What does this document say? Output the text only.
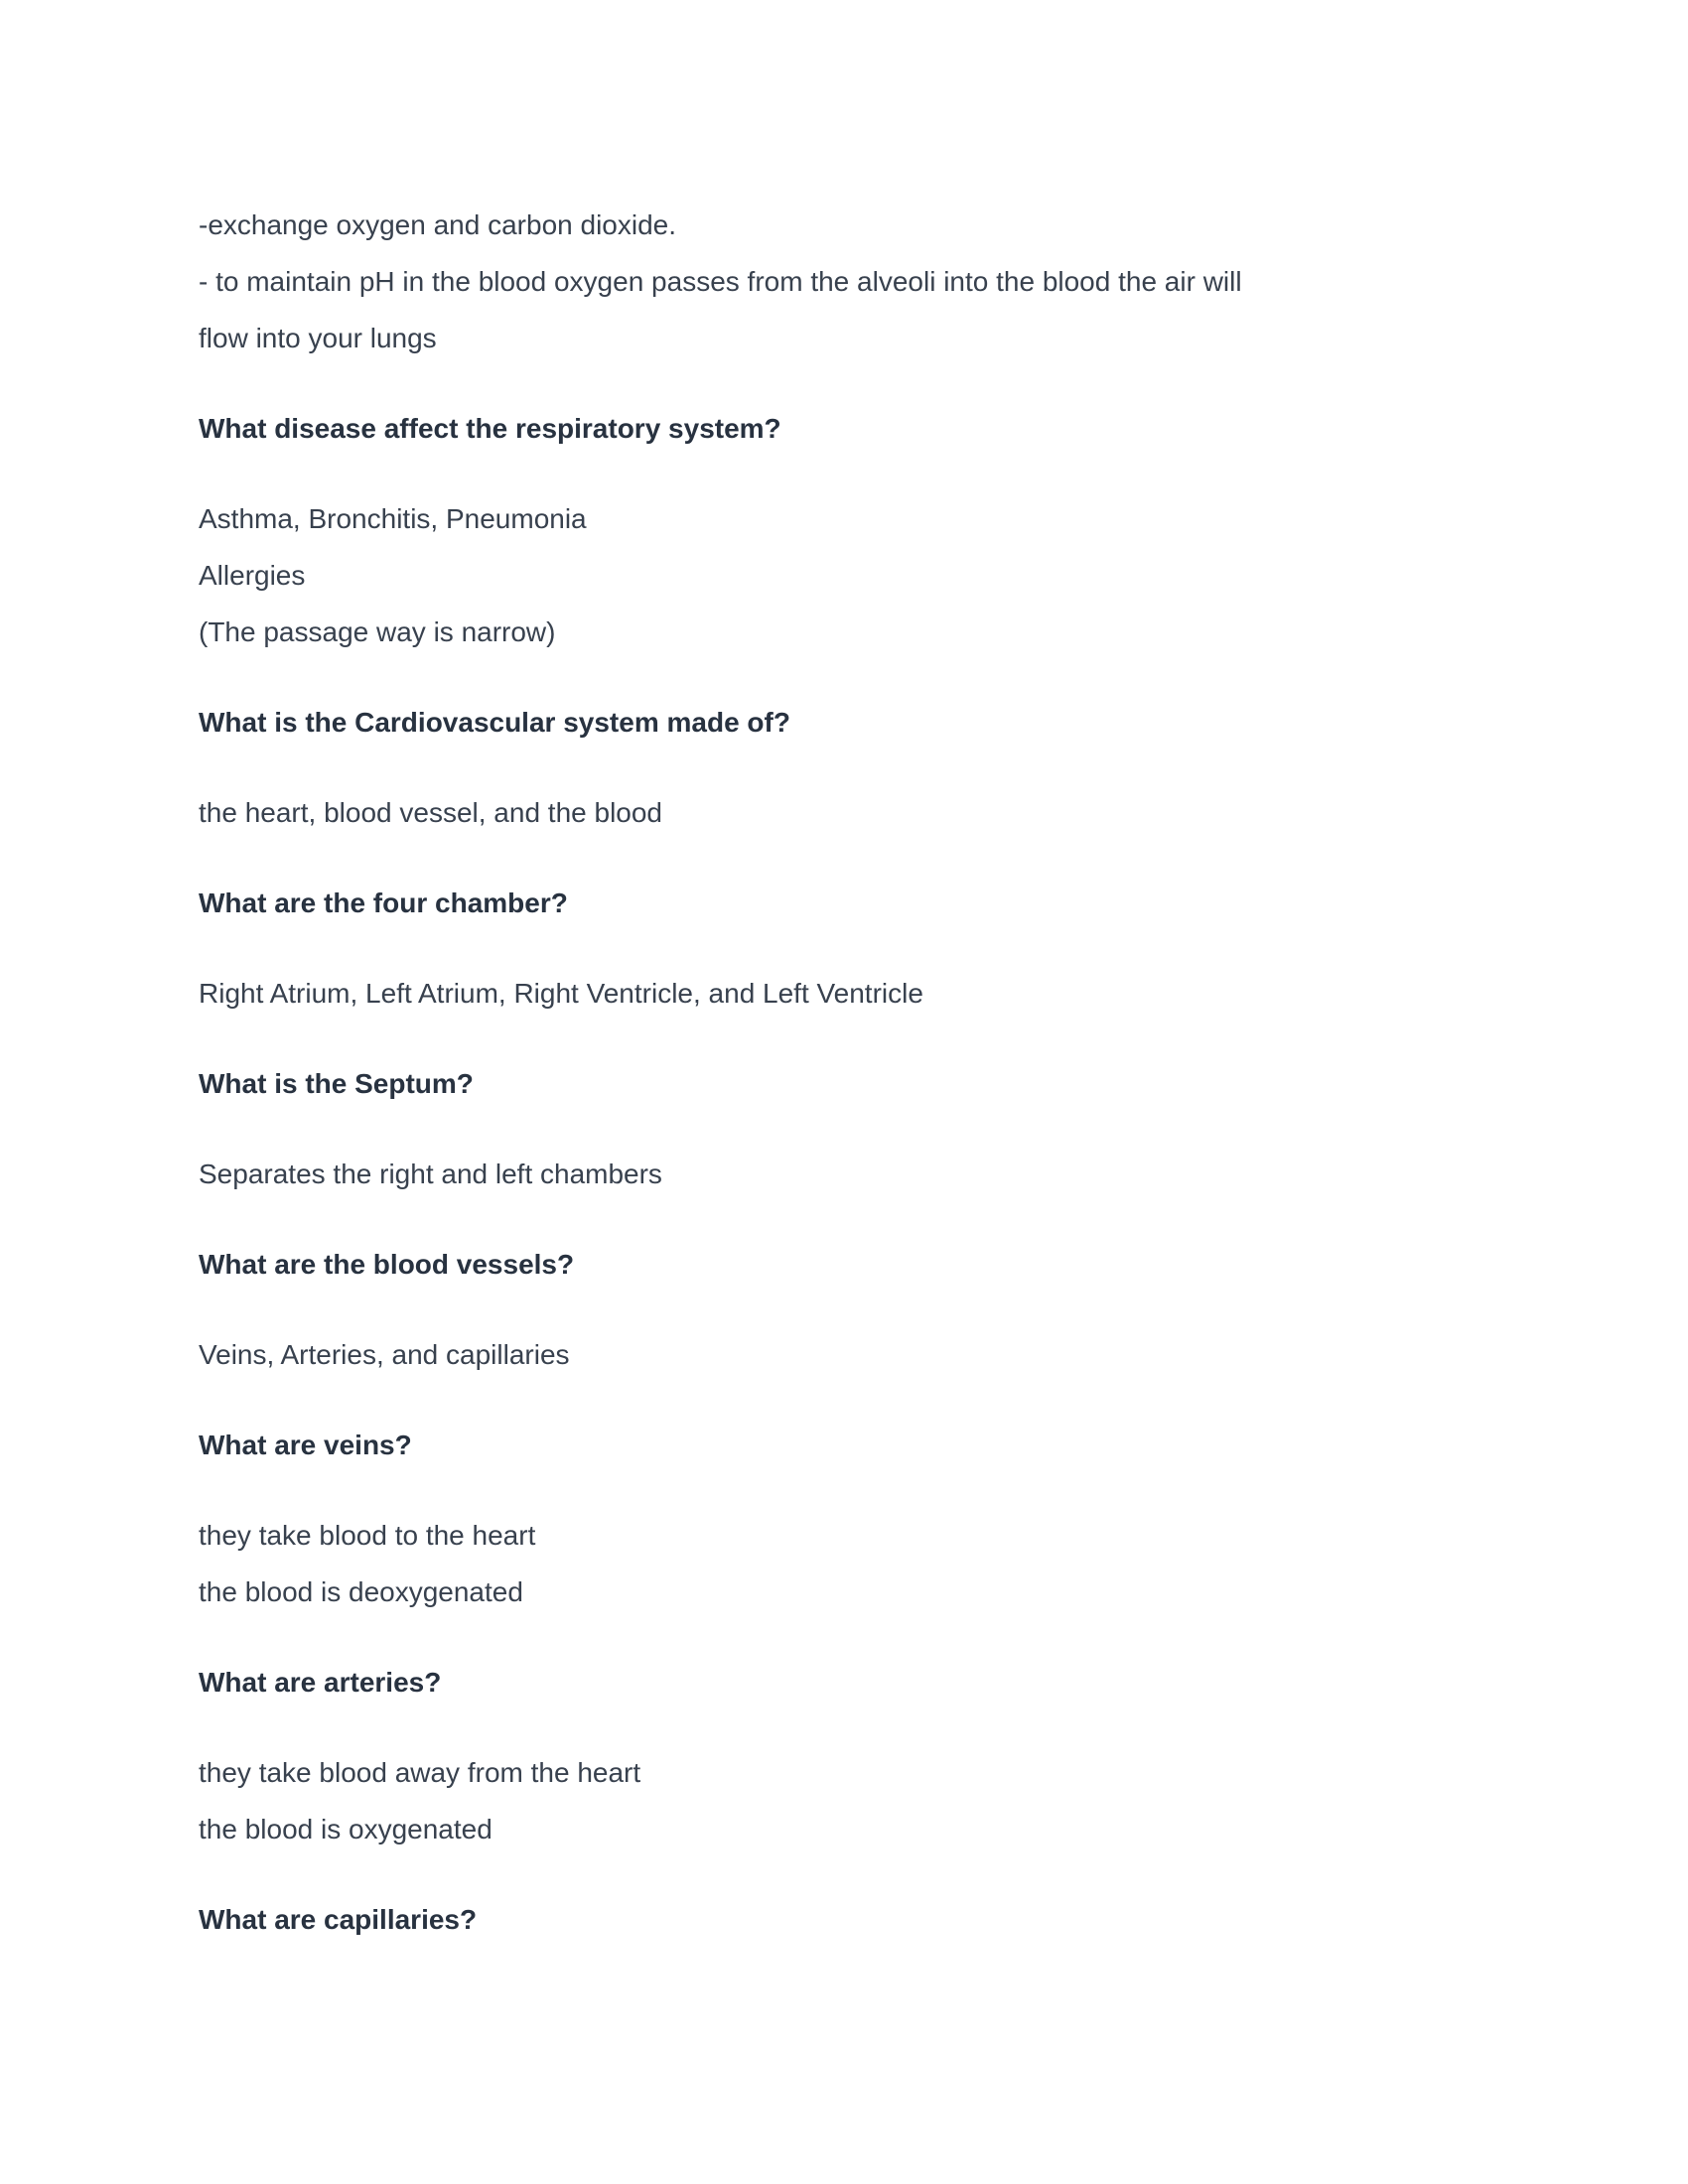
-exchange oxygen and carbon dioxide.
- to maintain pH in the blood oxygen passes from the alveoli into the blood the air will
flow into your lungs

What disease affect the respiratory system?

Asthma, Bronchitis, Pneumonia
Allergies
(The passage way is narrow)

What is the Cardiovascular system made of?

the heart, blood vessel, and the blood

What are the four chamber?

Right Atrium, Left Atrium, Right Ventricle, and Left Ventricle

What is the Septum?

Separates the right and left chambers

What are the blood vessels?

Veins, Arteries, and capillaries

What are veins?

they take blood to the heart
the blood is deoxygenated

What are arteries?

they take blood away from the heart
the blood is oxygenated

What are capillaries?
